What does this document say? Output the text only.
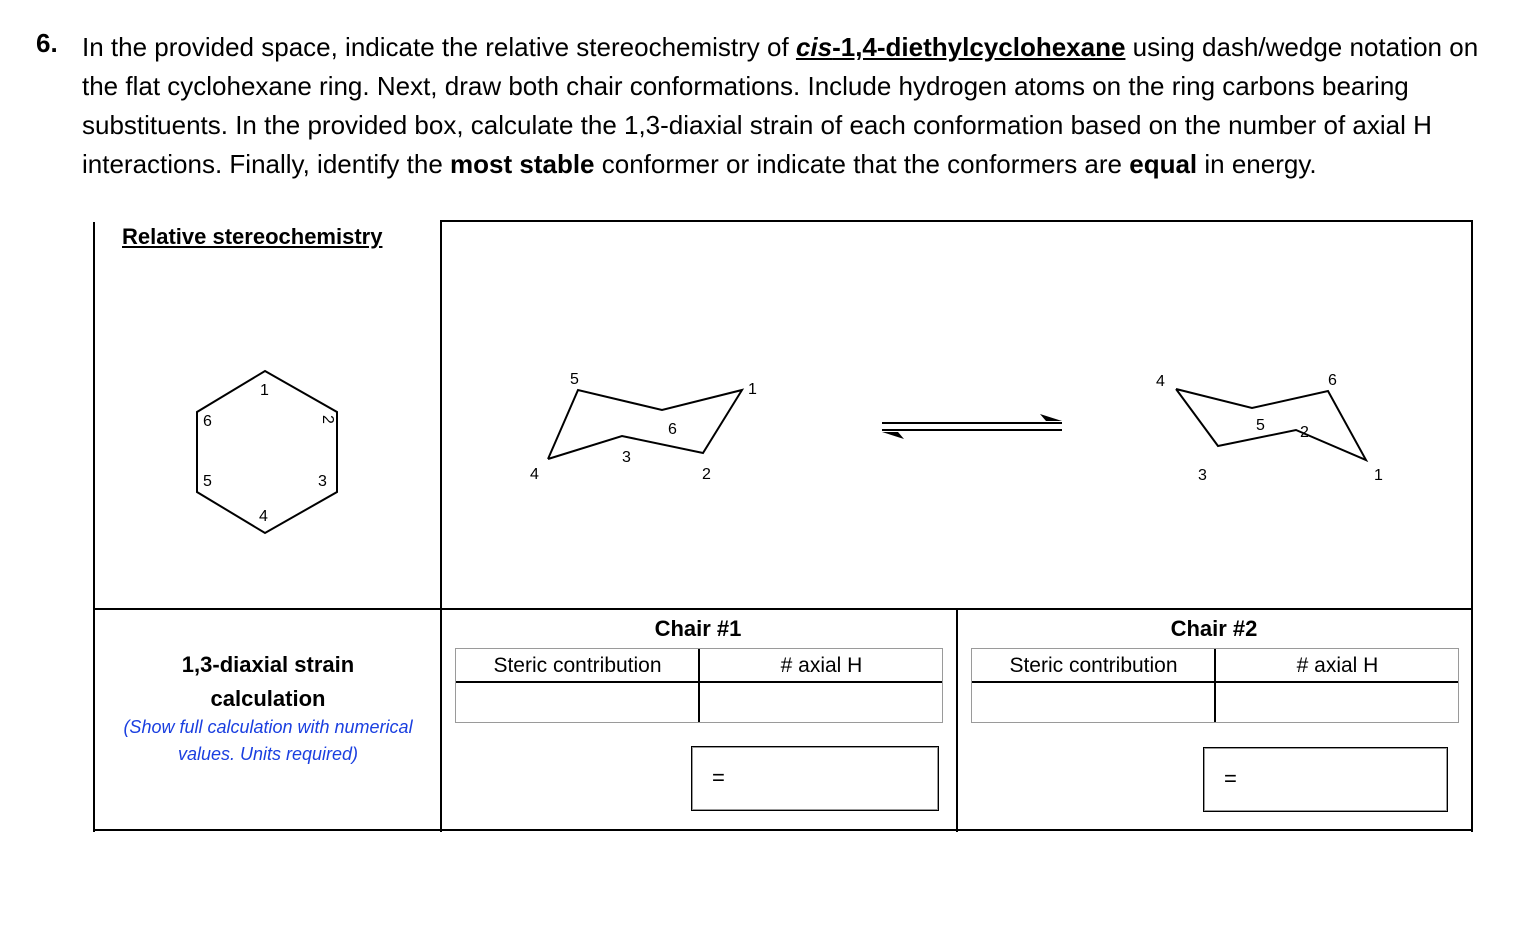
6. In the provided space, indicate the relative stereochemistry of cis-1,4-diethylcyclohexane using dash/wedge notation on the flat cyclohexane ring. Next, draw both chair conformations. Include hydrogen atoms on the ring carbons bearing substituents. In the provided box, calculate the 1,3-diaxial strain of each conformation based on the number of axial H interactions. Finally, identify the most stable conformer or indicate that the conformers are equal in energy.
Relative stereochemistry
1
2
3
4
5
6
5
1
6
3
4	2
4	6
5 2
3	1
1,3-diaxial strain
calculation
(Show full calculation with numerical
values. Units required)
Chair #1
Steric contribution	# axial H
=
Chair #2
Steric contribution	# axial H
=
